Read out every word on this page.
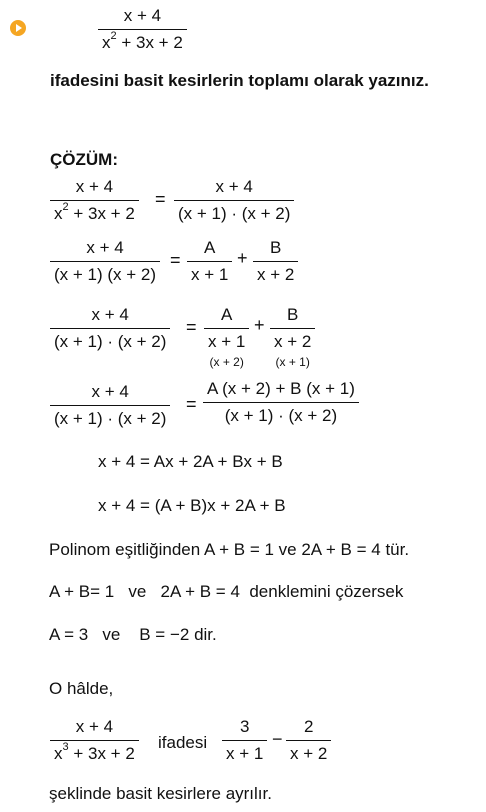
x + 4
$x^2 + 3x + 2$
ifadesini basit kesirlerin toplamı olarak yazınız.
ÇÖZÜM:
x + 4
$x^2 + 3x + 2$
=
x + 4
(x + 1) · (x + 2)
x + 4
(x + 1) (x + 2)
=
A
x + 1
+
B
x + 2
x + 4
(x + 1) · (x + 2)
=
A
x + 1
(x + 2)
+
B
x + 2
(x + 1)
x + 4
(x + 1) · (x + 2)
=
A (x + 2) + B (x + 1)
(x + 1) · (x + 2)
x + 4 = Ax + 2A + Bx + B
x + 4 = (A + B)x + 2A + B
Polinom eşitliğinden A + B = 1 ve 2A + B = 4 tür.
A + B= 1   ve   2A + B = 4  denklemini çözersek
A = 3   ve    B = −2 dir.
O hâlde,
x + 4
$x^3 + 3x + 2$
ifadesi
3
x + 1
−
2
x + 2
şeklinde basit kesirlere ayrılır.
